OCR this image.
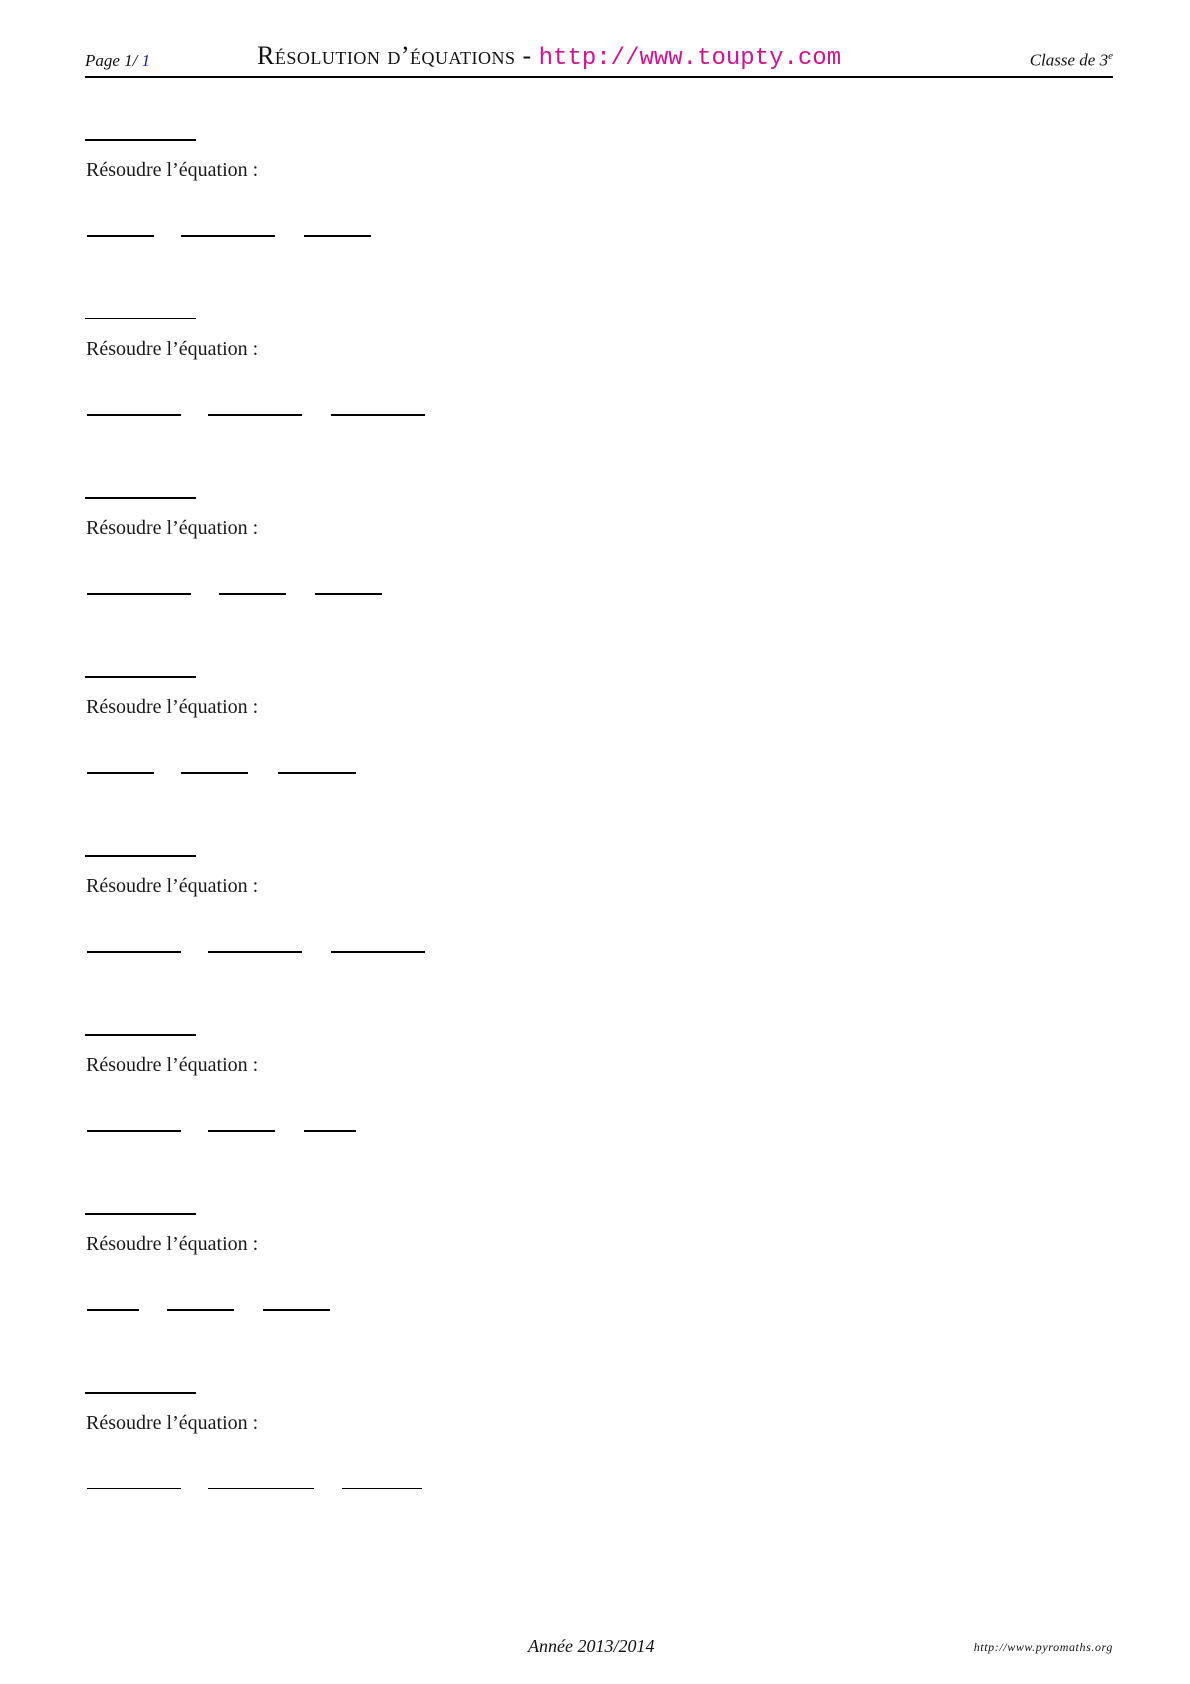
Page 1/ 1	Résolution d’équations - http://www.toupty.com	Classe de 3e
Résoudre l’équation :
Résoudre l’équation :
Résoudre l’équation :
Résoudre l’équation :
Résoudre l’équation :
Résoudre l’équation :
Résoudre l’équation :
Résoudre l’équation :
Année 2013/2014	http://www.pyromaths.org
